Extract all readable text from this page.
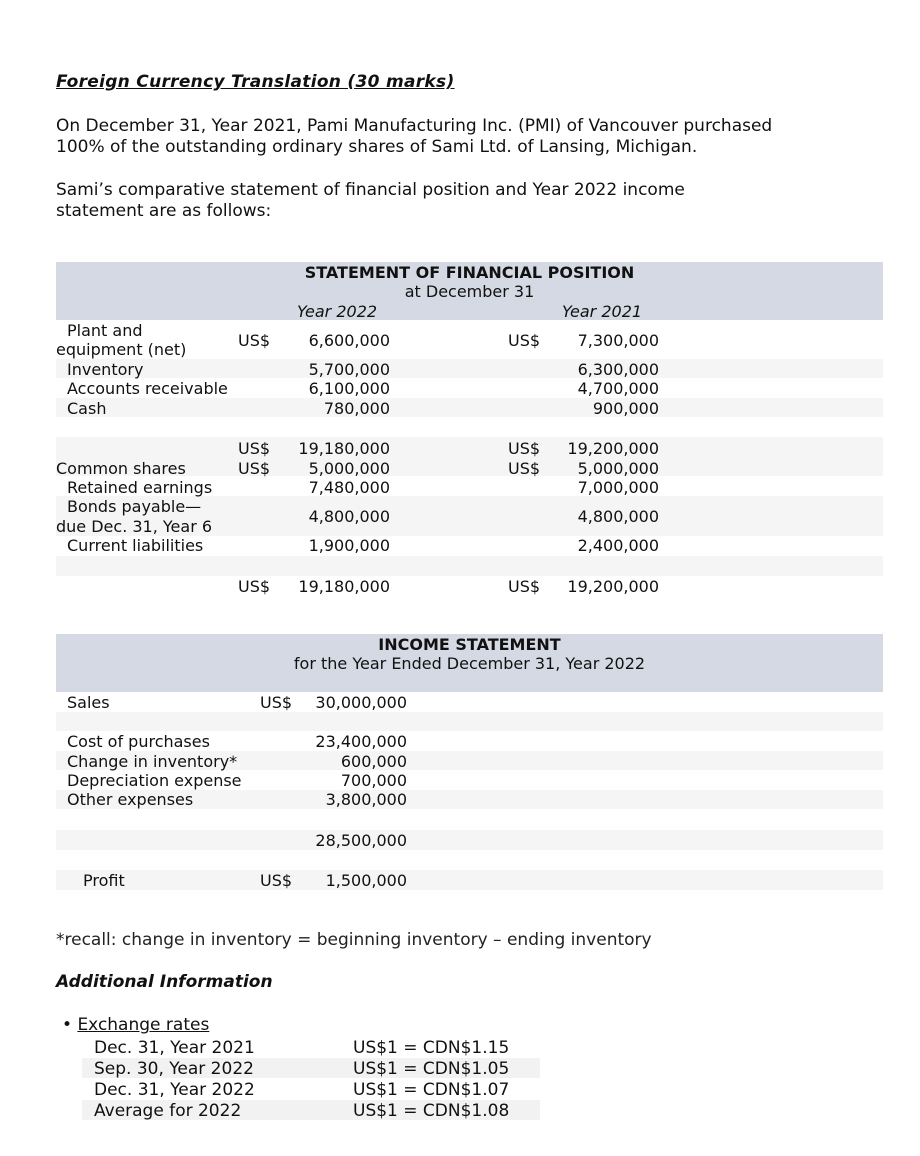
Foreign Currency Translation (30 marks)
On December 31, Year 2021, Pami Manufacturing Inc. (PMI) of Vancouver purchased
100% of the outstanding ordinary shares of Sami Ltd. of Lansing, Michigan.
Sami’s comparative statement of financial position and Year 2022 income
statement are as follows:
STATEMENT OF FINANCIAL POSITION
at December 31
Year 2022	Year 2021
Plant and
equipment (net)	US$	6,600,000	US$	7,300,000
Inventory	5,700,000	6,300,000
Accounts receivable	6,100,000	4,700,000
Cash	780,000	900,000
US$	19,180,000	US$	19,200,000
Common shares	US$	5,000,000	US$	5,000,000
Retained earnings	7,480,000	7,000,000
Bonds payable—
due Dec. 31, Year 6
4,800,000	4,800,000
Current liabilities	1,900,000	2,400,000
US$	19,180,000	US$	19,200,000
INCOME STATEMENT
for the Year Ended December 31, Year 2022
Sales	US$	30,000,000
Cost of purchases	23,400,000
Change in inventory*	600,000
Depreciation expense	700,000
Other expenses	3,800,000
28,500,000
Profit	US$	1,500,000
*recall: change in inventory = beginning inventory – ending inventory
Additional Information
• Exchange rates
Dec. 31, Year 2021	US$1 = CDN$1.15
Sep. 30, Year 2022	US$1 = CDN$1.05
Dec. 31, Year 2022	US$1 = CDN$1.07
Average for 2022	US$1 = CDN$1.08
